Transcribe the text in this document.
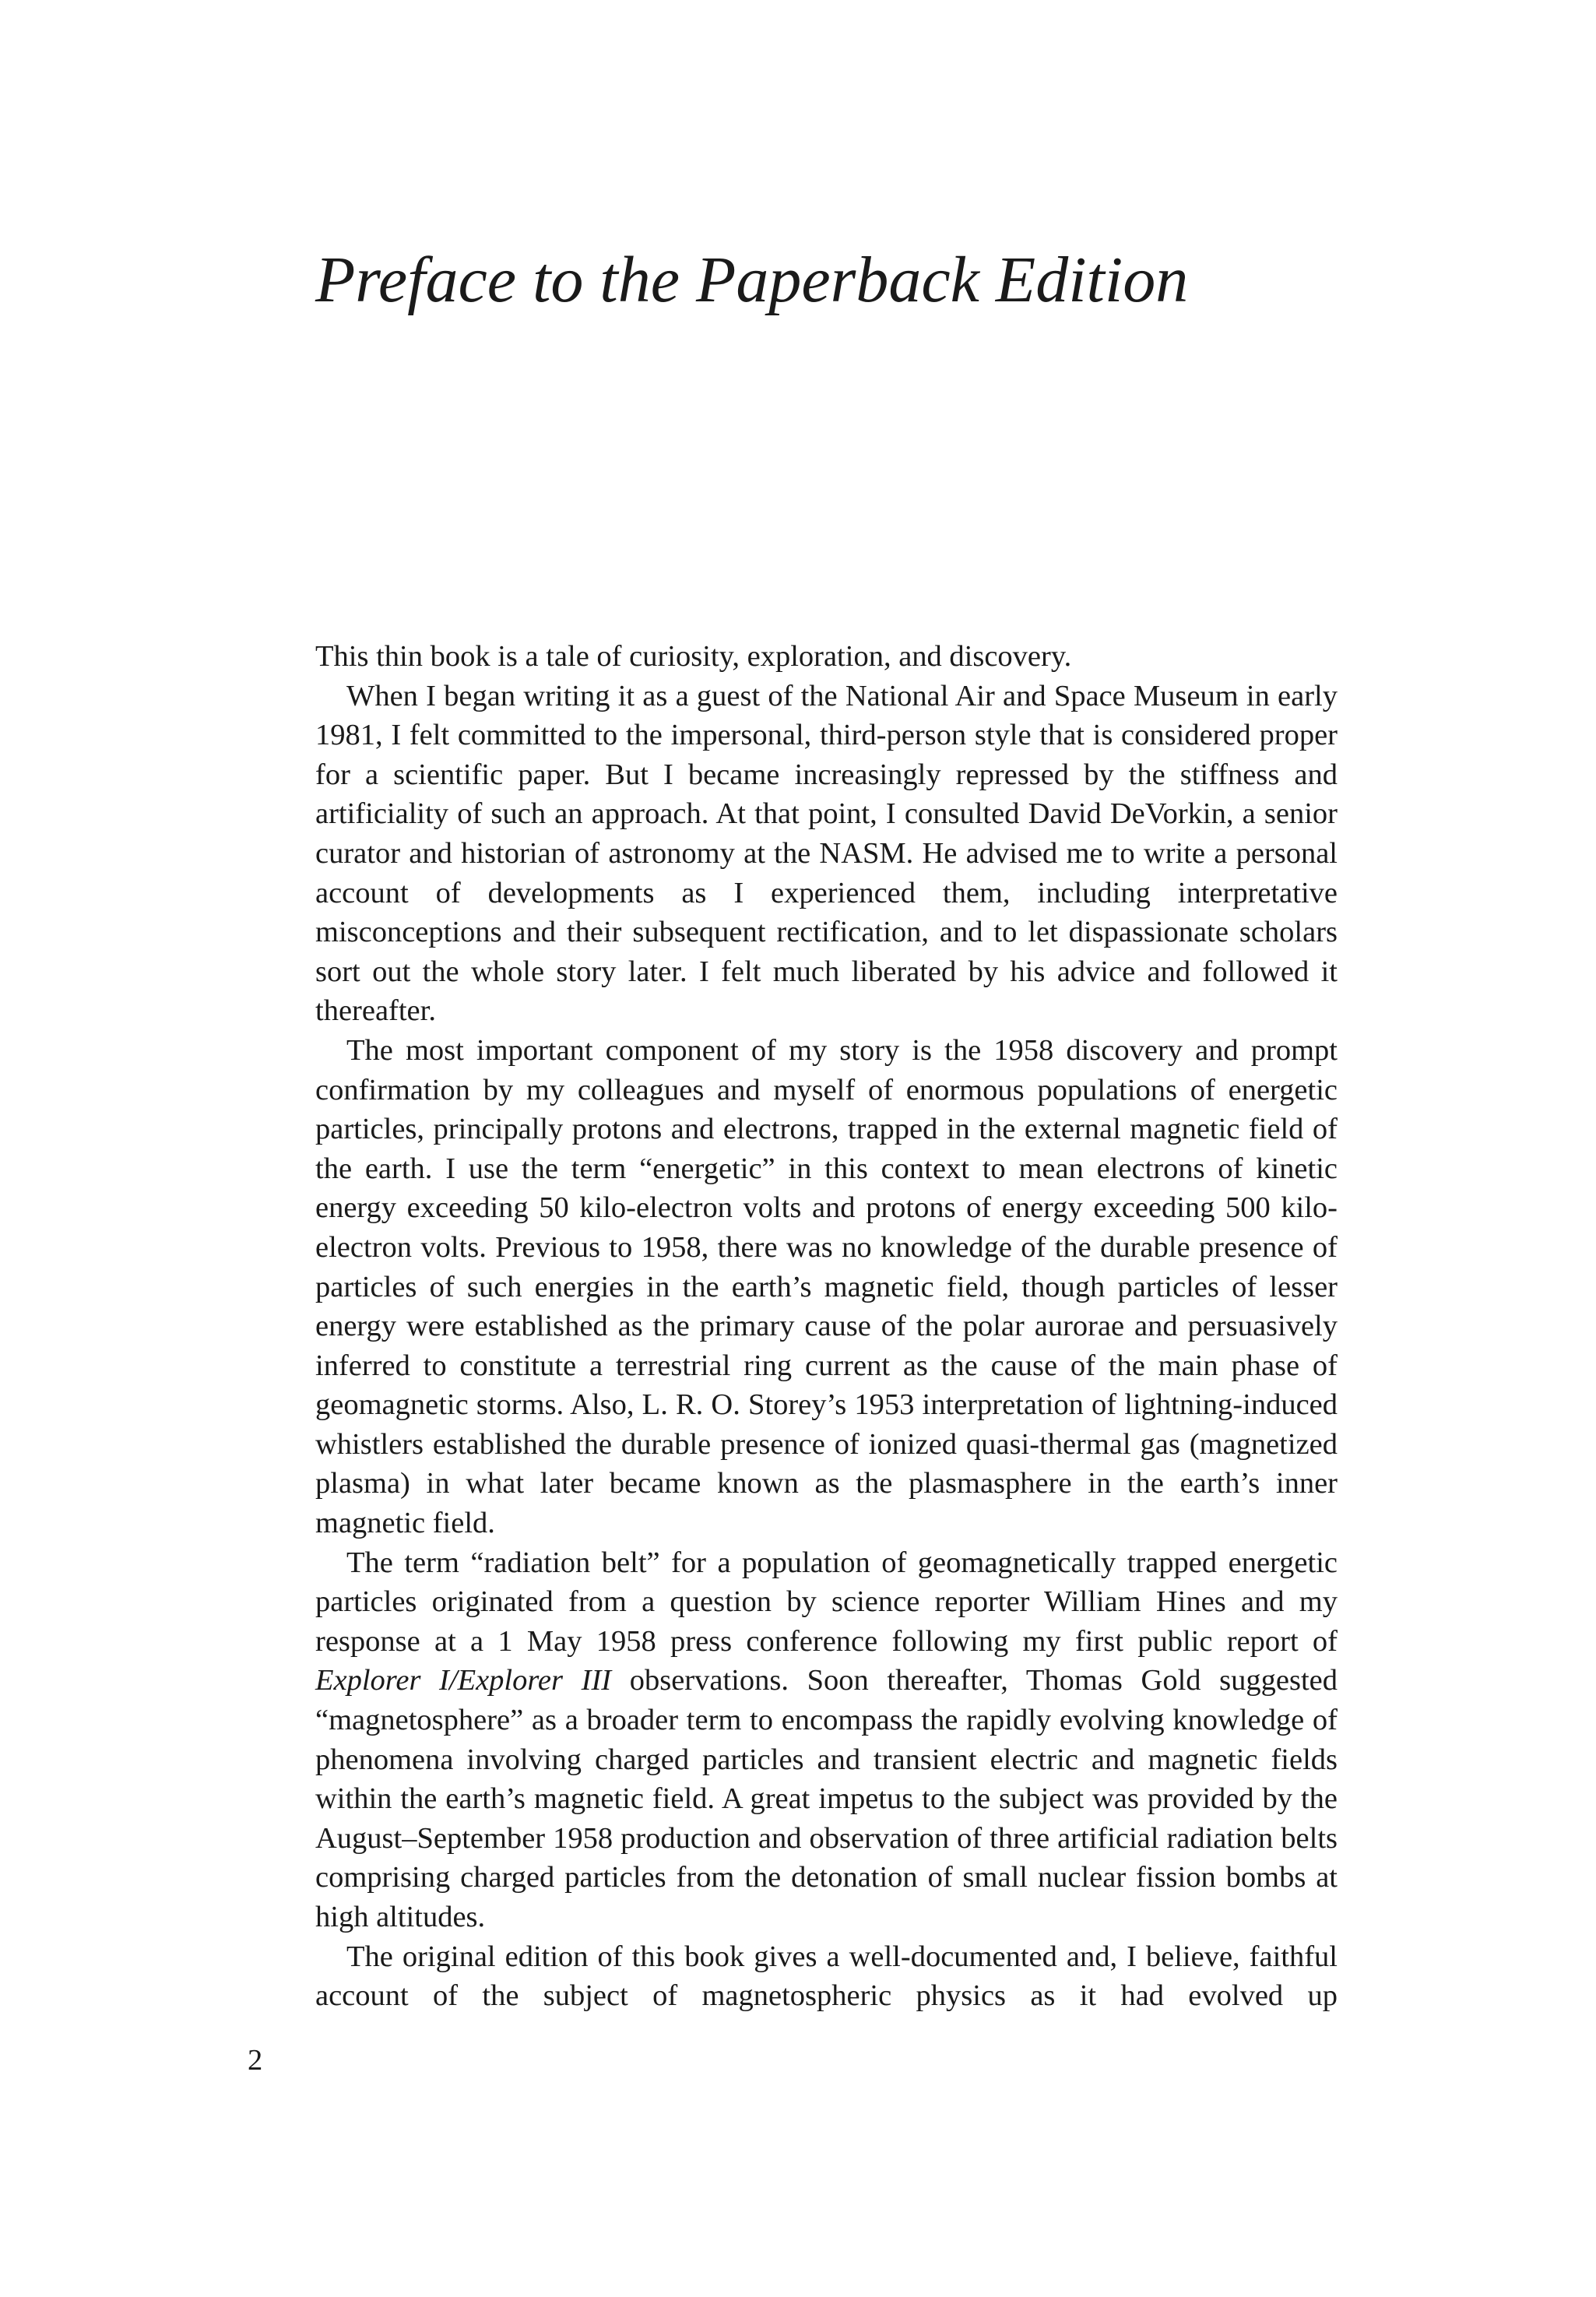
Preface to the Paperback Edition

This thin book is a tale of curiosity, exploration, and discovery.

When I began writing it as a guest of the National Air and Space Museum in early 1981, I felt committed to the impersonal, third-person style that is considered proper for a scientific paper. But I became increasingly repressed by the stiffness and artificiality of such an approach. At that point, I consulted David DeVorkin, a senior curator and historian of astronomy at the NASM. He advised me to write a personal account of developments as I experienced them, including interpretative misconceptions and their subsequent rectification, and to let dispassionate scholars sort out the whole story later. I felt much liberated by his advice and followed it thereafter.

The most important component of my story is the 1958 discovery and prompt confirmation by my colleagues and myself of enormous populations of energetic particles, principally protons and electrons, trapped in the external magnetic field of the earth. I use the term “energetic” in this context to mean electrons of kinetic energy exceeding 50 kilo-electron volts and protons of energy exceeding 500 kilo-electron volts. Previous to 1958, there was no knowledge of the durable presence of particles of such energies in the earth’s magnetic field, though particles of lesser energy were established as the primary cause of the polar aurorae and persuasively inferred to constitute a terrestrial ring current as the cause of the main phase of geomagnetic storms. Also, L. R. O. Storey’s 1953 interpretation of lightning-induced whistlers established the durable presence of ionized quasi-thermal gas (magnetized plasma) in what later became known as the plasmasphere in the earth’s inner magnetic field.

The term “radiation belt” for a population of geomagnetically trapped energetic particles originated from a question by science reporter William Hines and my response at a 1 May 1958 press conference following my first public report of Explorer I/Explorer III observations. Soon thereafter, Thomas Gold suggested “magnetosphere” as a broader term to encompass the rapidly evolving knowledge of phenomena involving charged particles and transient electric and magnetic fields within the earth’s magnetic field. A great impetus to the subject was provided by the August–September 1958 production and observation of three artificial radiation belts comprising charged particles from the detonation of small nuclear fission bombs at high altitudes.

The original edition of this book gives a well-documented and, I believe, faithful account of the subject of magnetospheric physics as it had evolved up

2
